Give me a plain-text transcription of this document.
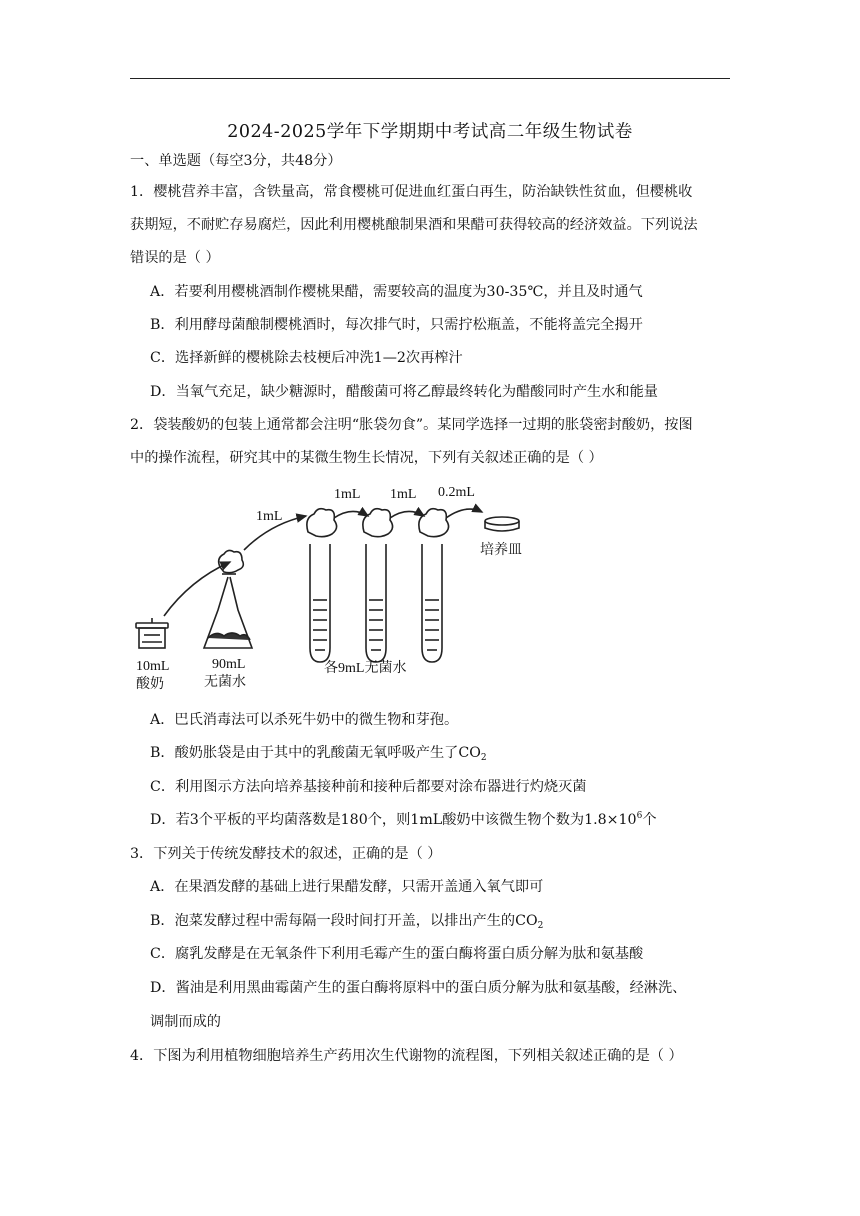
2024-2025学年下学期期中考试高二年级生物试卷
一、单选题（每空3分，共48分）
1．樱桃营养丰富，含铁量高，常食樱桃可促进血红蛋白再生，防治缺铁性贫血，但樱桃收
获期短，不耐贮存易腐烂，因此利用樱桃酿制果酒和果醋可获得较高的经济效益。下列说法
错误的是（ ）
A．若要利用樱桃酒制作樱桃果醋，需要较高的温度为30-35℃，并且及时通气
B．利用酵母菌酿制樱桃酒时，每次排气时，只需拧松瓶盖，不能将盖完全揭开
C．选择新鲜的樱桃除去枝梗后冲洗1—2次再榨汁
D．当氧气充足，缺少糖源时，醋酸菌可将乙醇最终转化为醋酸同时产生水和能量
2．袋装酸奶的包装上通常都会注明“胀袋勿食”。某同学选择一过期的胀袋密封酸奶，按图
中的操作流程，研究其中的某微生物生长情况，下列有关叙述正确的是（ ）
1mL
1mL 1mL 0.2mL
培养皿
10mL
酸奶
90mL
无菌水
各9mL无菌水
A．巴氏消毒法可以杀死牛奶中的微生物和芽孢。
B．酸奶胀袋是由于其中的乳酸菌无氧呼吸产生了$CO_2$
C．利用图示方法向培养基接种前和接种后都要对涂布器进行灼烧灭菌
D．若3个平板的平均菌落数是180个，则1mL酸奶中该微生物个数为$1.8\times 10^6$个
3．下列关于传统发酵技术的叙述，正确的是（ ）
A．在果酒发酵的基础上进行果醋发酵，只需开盖通入氧气即可
B．泡菜发酵过程中需每隔一段时间打开盖，以排出产生的$CO_2$
C．腐乳发酵是在无氧条件下利用毛霉产生的蛋白酶将蛋白质分解为肽和氨基酸
D．酱油是利用黑曲霉菌产生的蛋白酶将原料中的蛋白质分解为肽和氨基酸，经淋洗、
调制而成的
4．下图为利用植物细胞培养生产药用次生代谢物的流程图，下列相关叙述正确的是（ ）
